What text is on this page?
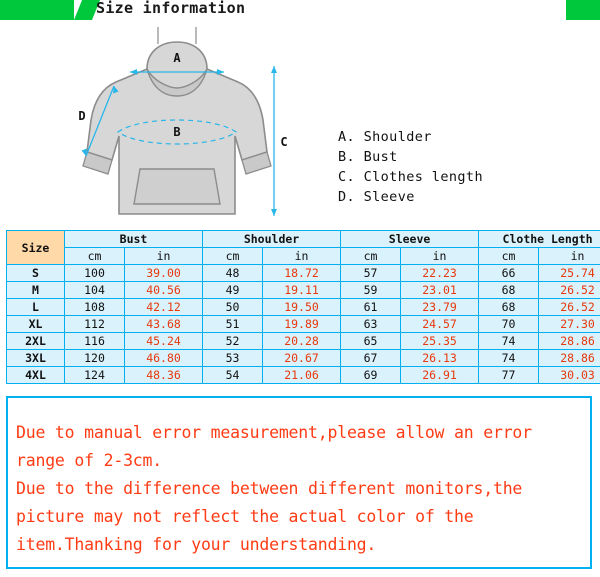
Size information
A
B
C
D
A. Shoulder
B. Bust
C. Clothes length
D. Sleeve
Size	Bust		Shoulder		Sleeve		Clothe Length	
	cm	in	cm	in	cm	in	cm	in
S	100	39.00	48	18.72	57	22.23	66	25.74
M	104	40.56	49	19.11	59	23.01	68	26.52
L	108	42.12	50	19.50	61	23.79	68	26.52
XL	112	43.68	51	19.89	63	24.57	70	27.30
2XL	116	45.24	52	20.28	65	25.35	74	28.86
3XL	120	46.80	53	20.67	67	26.13	74	28.86
4XL	124	48.36	54	21.06	69	26.91	77	30.03

Due to manual error measurement,please allow an error

range of 2-3cm.

Due to the difference between different monitors,the

picture may not reflect the actual color of the

item.Thanking for your understanding.
